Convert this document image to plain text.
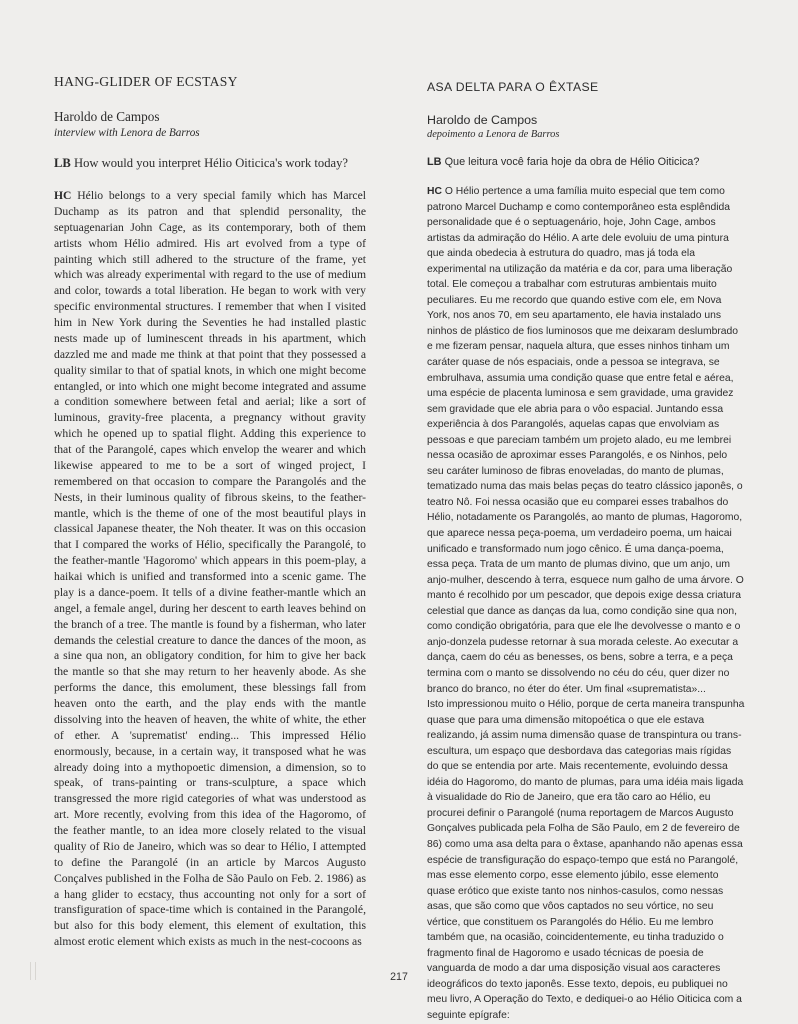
HANG-GLIDER OF ECSTASY

Haroldo de Campos

interview with Lenora de Barros

LB How would you interpret Hélio Oiticica's work today?

HC Hélio belongs to a very special family which has Marcel Duchamp as its patron and that splendid personality, the septuagenarian John Cage, as its contemporary, both of them artists whom Hélio admired. His art evolved from a type of painting which still adhered to the structure of the frame, yet which was already experimental with regard to the use of medium and color, towards a total liberation. He began to work with very specific environmental structures. I remember that when I visited him in New York during the Seventies he had installed plastic nests made up of luminescent threads in his apartment, which dazzled me and made me think at that point that they possessed a quality similar to that of spatial knots, in which one might become entangled, or into which one might become integrated and assume a condition somewhere between fetal and aerial; like a sort of luminous, gravity-free placenta, a pregnancy without gravity which he opened up to spatial flight. Adding this experience to that of the Parangolé, capes which envelop the wearer and which likewise appeared to me to be a sort of winged project, I remembered on that occasion to compare the Parangolés and the Nests, in their luminous quality of fibrous skeins, to the feather-mantle, which is the theme of one of the most beautiful plays in classical Japanese theater, the Noh theater. It was on this occasion that I compared the works of Hélio, specifically the Parangolé, to the feather-mantle 'Hagoromo' which appears in this poem-play, a haikai which is unified and transformed into a scenic game. The play is a dance-poem. It tells of a divine feather-mantle which an angel, a female angel, during her descent to earth leaves behind on the branch of a tree. The mantle is found by a fisherman, who later demands the celestial creature to dance the dances of the moon, as a sine qua non, an obligatory condition, for him to give her back the mantle so that she may return to her heavenly abode. As she performs the dance, this emolument, these blessings fall from heaven onto the earth, and the play ends with the mantle dissolving into the heaven of heaven, the white of white, the ether of ether. A 'suprematist' ending... This impressed Hélio enormously, because, in a certain way, it transposed what he was already doing into a mythopoetic dimension, a dimension, so to speak, of trans-painting or trans-sculpture, a space which transgressed the more rigid categories of what was understood as art. More recently, evolving from this idea of the Hagoromo, of the feather mantle, to an idea more closely related to the visual quality of Rio de Janeiro, which was so dear to Hélio, I attempted to define the Parangolé (in an article by Marcos Augusto Conçalves published in the Folha de São Paulo on Feb. 2. 1986) as a hang glider to ecstacy, thus accounting not only for a sort of transfiguration of space-time which is contained in the Parangolé, but also for this body element, this element of exultation, this almost erotic element which exists as much in the nest-cocoons as

ASA DELTA PARA O ÊXTASE

Haroldo de Campos

depoimento a Lenora de Barros

LB Que leitura você faria hoje da obra de Hélio Oiticica?

HC O Hélio pertence a uma família muito especial que tem como patrono Marcel Duchamp e como contemporâneo esta esplêndida personalidade que é o septuagenário, hoje, John Cage, ambos artistas da admiração do Hélio. A arte dele evoluiu de uma pintura que ainda obedecia à estrutura do quadro, mas já toda ela experimental na utilização da matéria e da cor, para uma liberação total. Ele começou a trabalhar com estruturas ambientais muito peculiares. Eu me recordo que quando estive com ele, em Nova York, nos anos 70, em seu apartamento, ele havia instalado uns ninhos de plástico de fios luminosos que me deixaram deslumbrado e me fizeram pensar, naquela altura, que esses ninhos tinham um caráter quase de nós espaciais, onde a pessoa se integrava, se embrulhava, assumia uma condição quase que entre fetal e aérea, uma espécie de placenta luminosa e sem gravidade, uma gravidez sem gravidade que ele abria para o vôo espacial. Juntando essa experiência à dos Parangolés, aquelas capas que envolviam as pessoas e que pareciam também um projeto alado, eu me lembrei nessa ocasião de aproximar esses Parangolés, e os Ninhos, pelo seu caráter luminoso de fibras enoveladas, do manto de plumas, tematizado numa das mais belas peças do teatro clássico japonês, o teatro Nô. Foi nessa ocasião que eu comparei esses trabalhos do Hélio, notadamente os Parangolés, ao manto de plumas, Hagoromo, que aparece nessa peça-poema, um verdadeiro poema, um haicai unificado e transformado num jogo cênico. É uma dança-poema, essa peça. Trata de um manto de plumas divino, que um anjo, um anjo-mulher, descendo à terra, esquece num galho de uma árvore. O manto é recolhido por um pescador, que depois exige dessa criatura celestial que dance as danças da lua, como condição sine qua non, como condição obrigatória, para que ele lhe devolvesse o manto e o anjo-donzela pudesse retornar à sua morada celeste. Ao executar a dança, caem do céu as benesses, os bens, sobre a terra, e a peça termina com o manto se dissolvendo no céu do céu, quer dizer no branco do branco, no éter do éter. Um final «suprematista»...
Isto impressionou muito o Hélio, porque de certa maneira transpunha quase que para uma dimensão mitopoética o que ele estava realizando, já assim numa dimensão quase de transpintura ou trans-escultura, um espaço que desbordava das categorias mais rígidas do que se entendia por arte. Mais recentemente, evoluindo dessa idéia do Hagoromo, do manto de plumas, para uma idéia mais ligada à visualidade do Rio de Janeiro, que era tão caro ao Hélio, eu procurei definir o Parangolé (numa reportagem de Marcos Augusto Gonçalves publicada pela Folha de São Paulo, em 2 de fevereiro de 86) como uma asa delta para o êxtase, apanhando não apenas essa espécie de transfiguração do espaço-tempo que está no Parangolé, mas esse elemento corpo, esse elemento júbilo, esse elemento quase erótico que existe tanto nos ninhos-casulos, como nessas asas, que são como que vôos captados no seu vórtice, no seu vértice, que constituem os Parangolés do Hélio. Eu me lembro também que, na ocasião, coincidentemente, eu tinha traduzido o fragmento final de Hagoromo e usado técnicas de poesia de vanguarda de modo a dar uma disposição visual aos caracteres ideográficos do texto japonês. Esse texto, depois, eu publiquei no meu livro, A Operação do Texto, e dediquei-o ao Hélio Oiticica com a seguinte epígrafe:

217
